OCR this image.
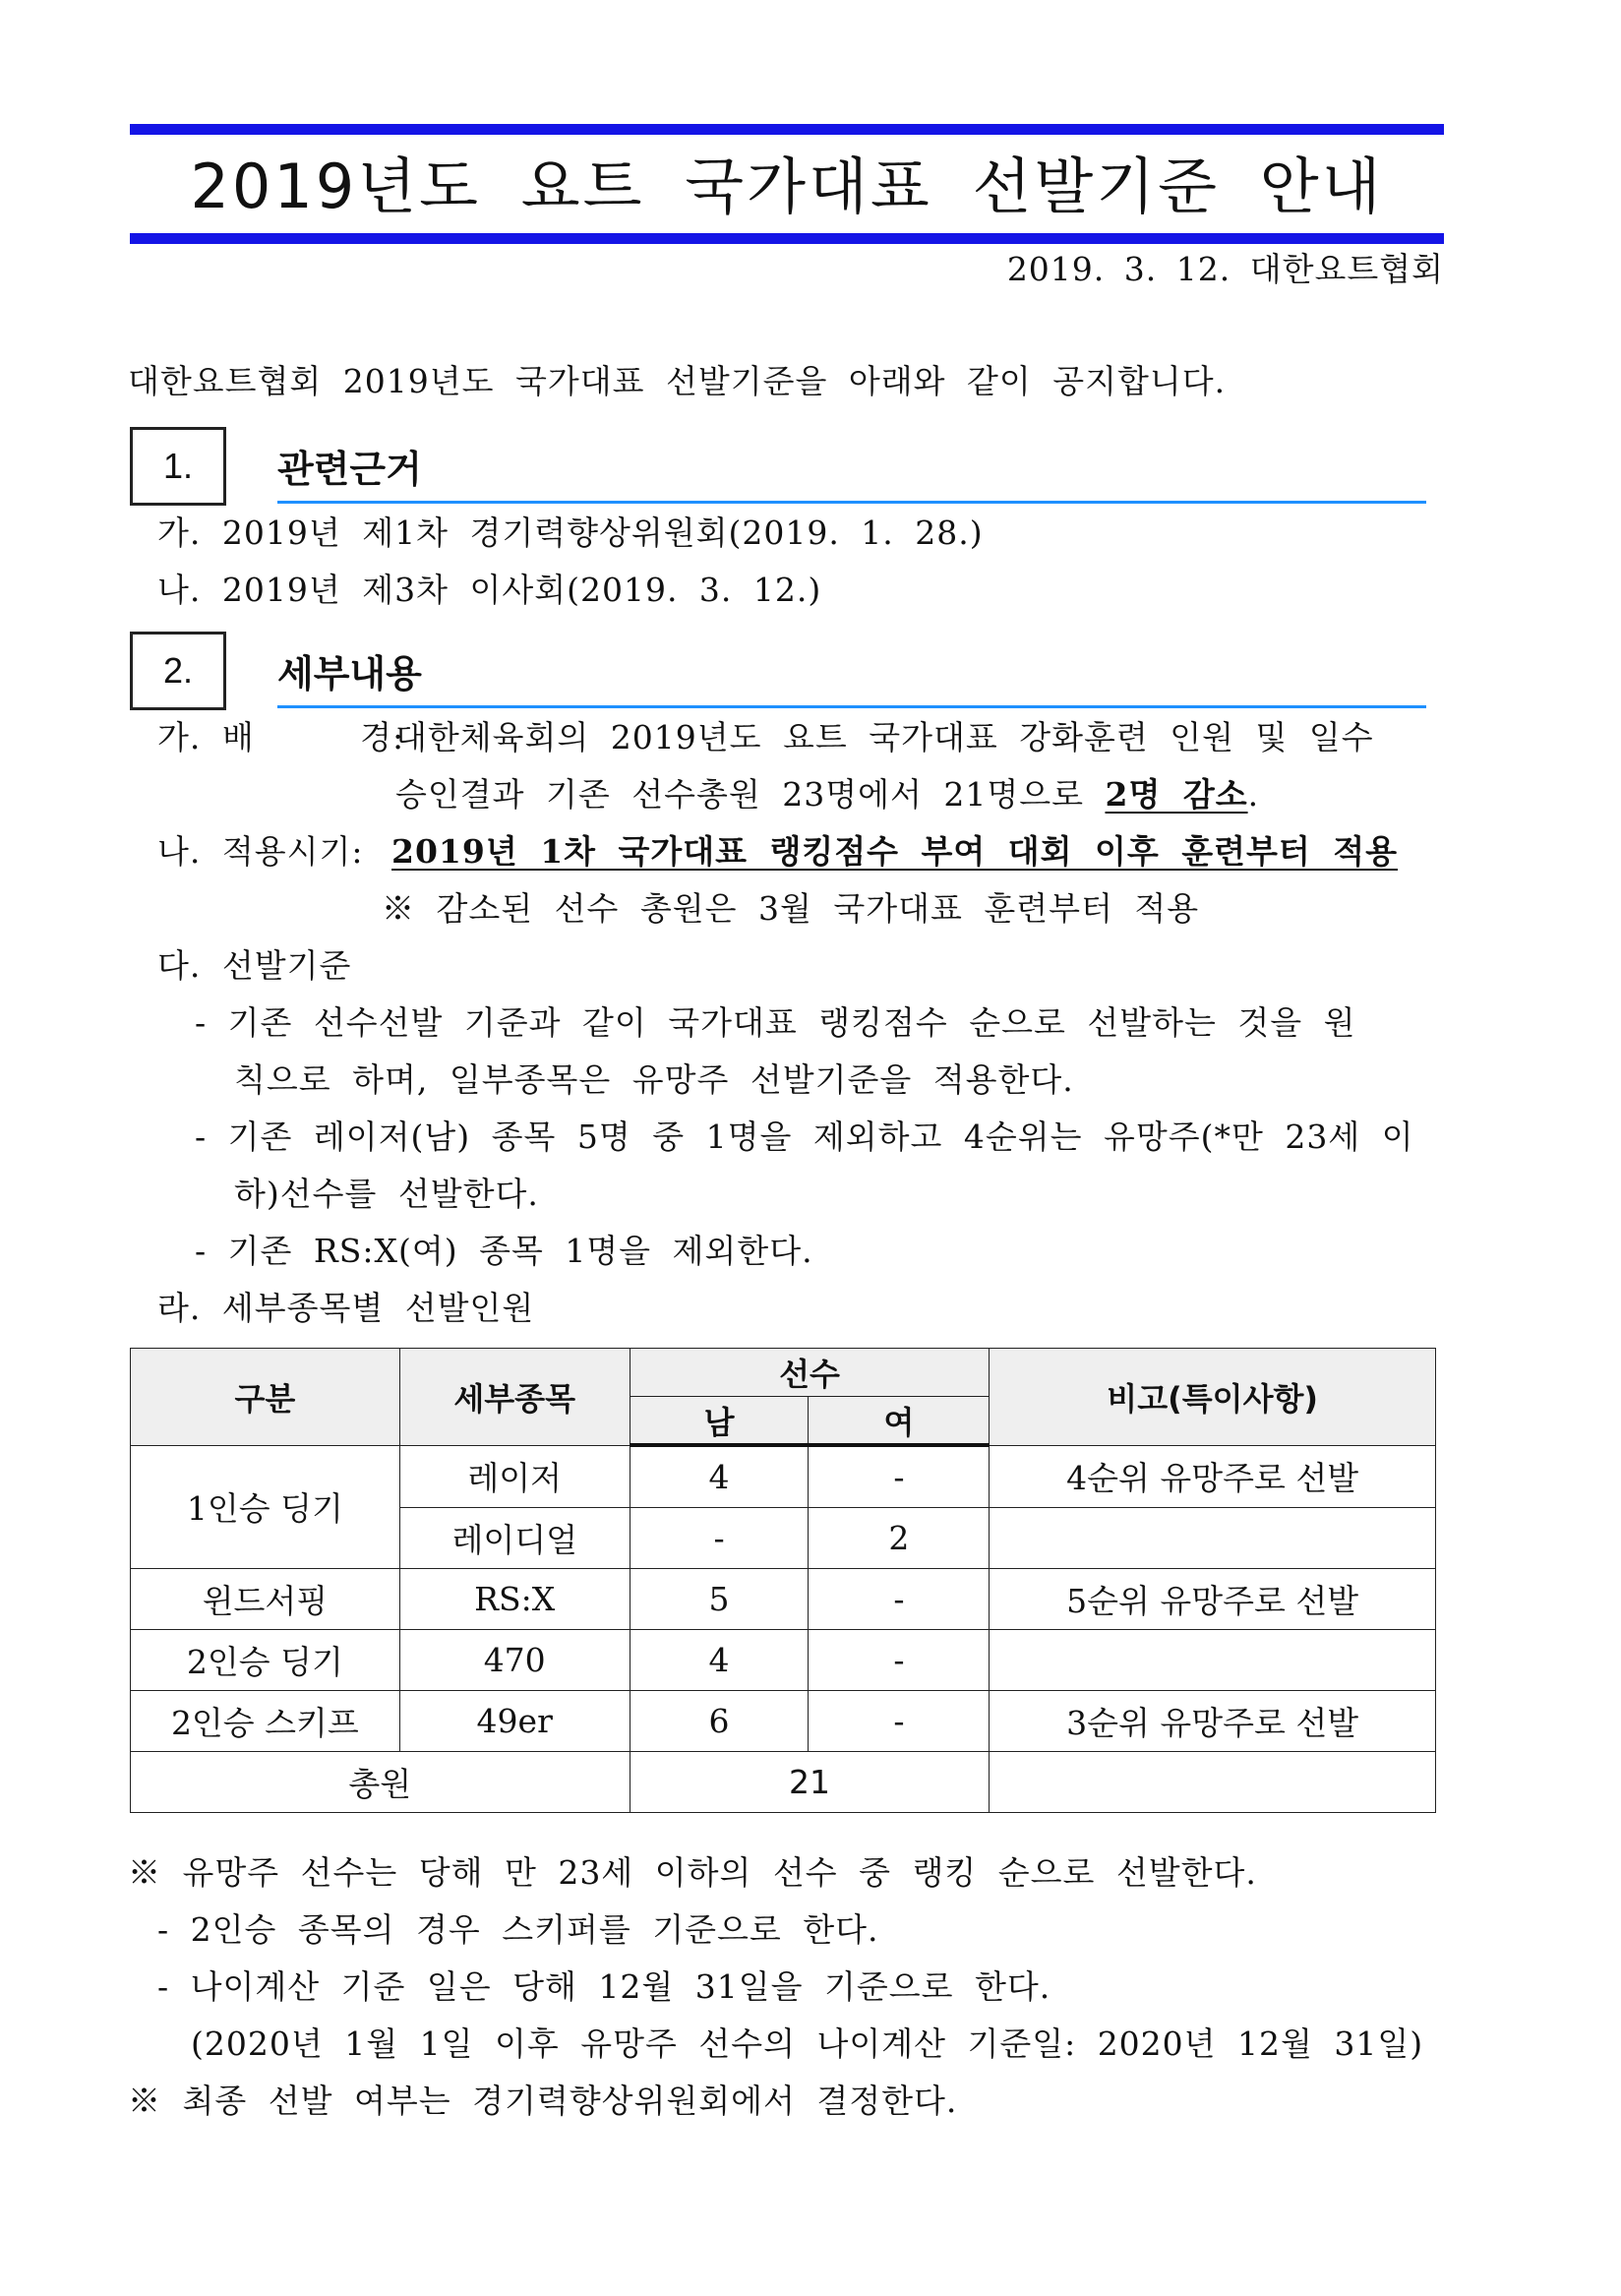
2019년도 요트 국가대표 선발기준 안내
2019. 3. 12. 대한요트협회
대한요트협회 2019년도 국가대표 선발기준을 아래와 같이 공지합니다.
1. 관련근거
가. 2019년 제1차 경기력향상위원회(2019. 1. 28.)
나. 2019년 제3차 이사회(2019. 3. 12.)
2. 세부내용
가. 배     경:
대한체육회의 2019년도 요트 국가대표 강화훈련 인원 및 일수
승인결과 기존 선수총원 23명에서 21명으로 2명 감소.
나. 적용시기: 2019년 1차 국가대표 랭킹점수 부여 대회 이후 훈련부터 적용
※ 감소된 선수 총원은 3월 국가대표 훈련부터 적용
다. 선발기준
- 기존 선수선발 기준과 같이 국가대표 랭킹점수 순으로 선발하는 것을 원
칙으로 하며, 일부종목은 유망주 선발기준을 적용한다.
- 기존 레이저(남) 종목 5명 중 1명을 제외하고 4순위는 유망주(*만 23세 이
하)선수를 선발한다.
- 기존 RS:X(여) 종목 1명을 제외한다.
라. 세부종목별 선발인원
구분	세부종목	선수		비고(특이사항)
		남	여	
1인승 딩기	레이저	4	-	4순위 유망주로 선발
	레이디얼	-	2	
윈드서핑	RS:X	5	-	5순위 유망주로 선발
2인승 딩기	470	4	-	
2인승 스키프	49er	6	-	3순위 유망주로 선발
총원		21		
※ 유망주 선수는 당해 만 23세 이하의 선수 중 랭킹 순으로 선발한다.
- 2인승 종목의 경우 스키퍼를 기준으로 한다.
- 나이계산 기준 일은 당해 12월 31일을 기준으로 한다.
(2020년 1월 1일 이후 유망주 선수의 나이계산 기준일: 2020년 12월 31일)
※ 최종 선발 여부는 경기력향상위원회에서 결정한다.
